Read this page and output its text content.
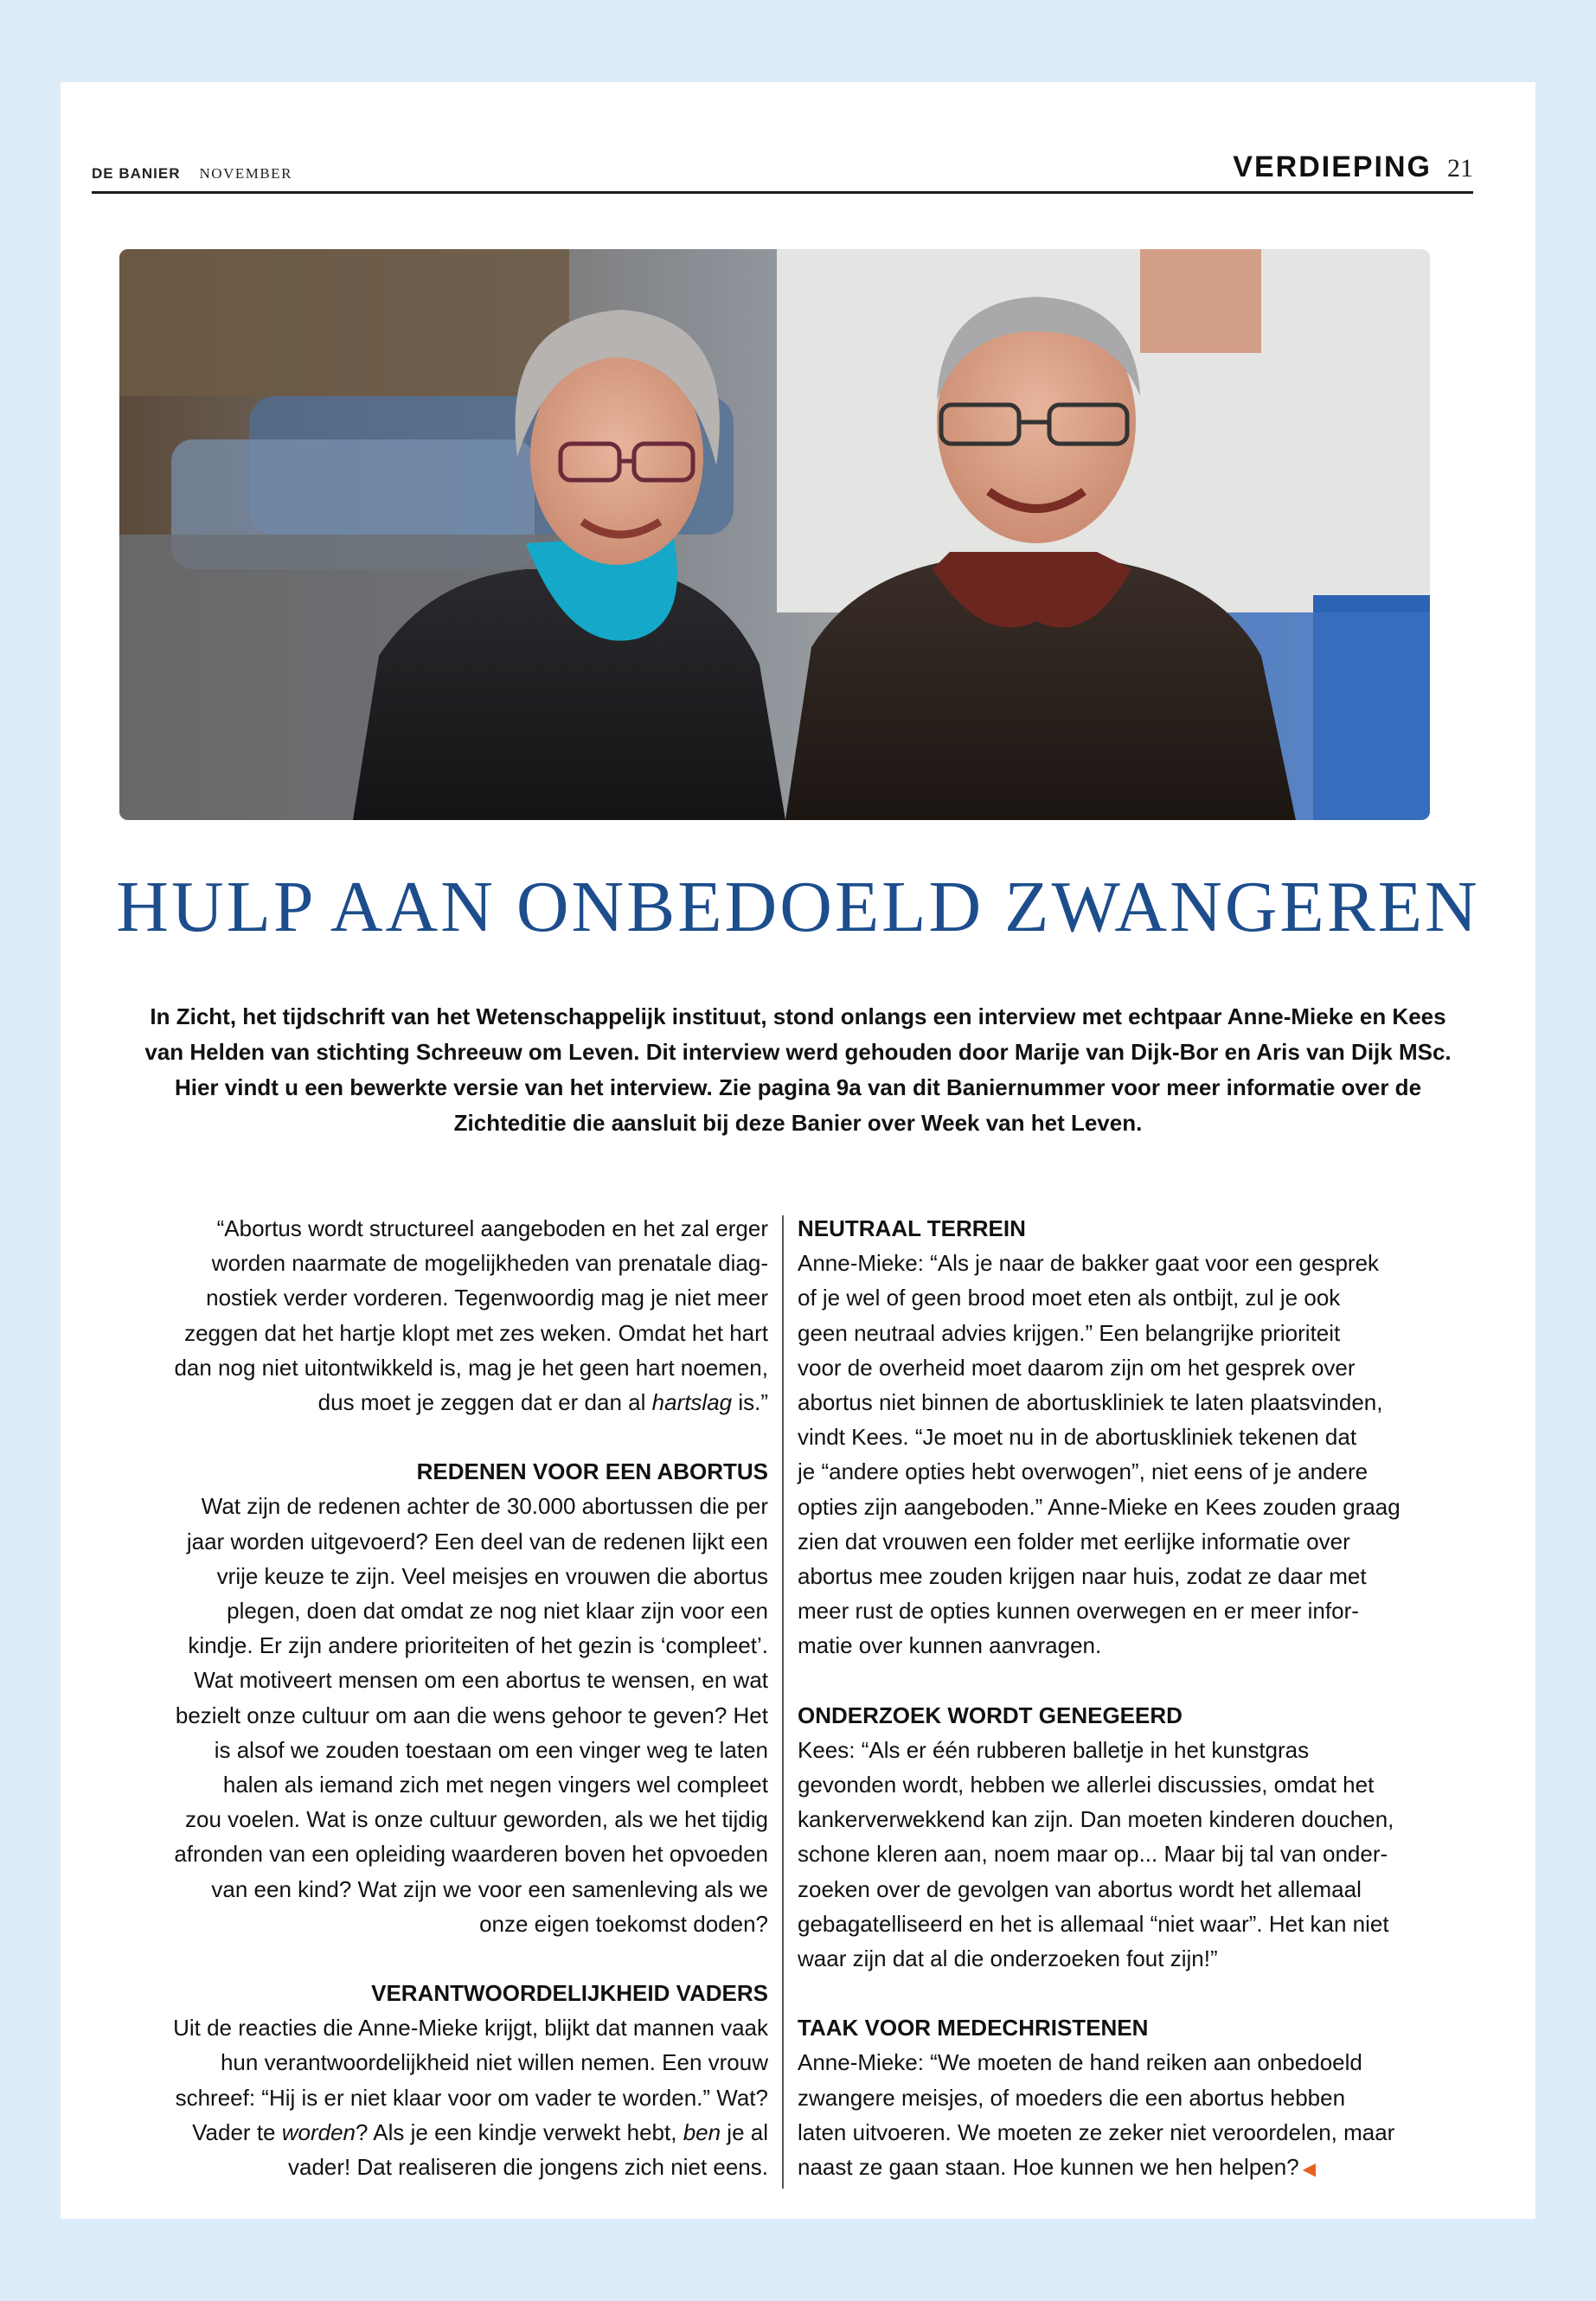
DE BANIER NOVEMBER	VERDIEPING 21
HULP AAN ONBEDOELD ZWANGEREN
In Zicht, het tijdschrift van het Wetenschappelijk instituut, stond onlangs een interview met echtpaar Anne-Mieke en Kees van Helden van stichting Schreeuw om Leven. Dit interview werd gehouden door Marije van Dijk-Bor en Aris van Dijk MSc. Hier vindt u een bewerkte versie van het interview. Zie pagina 9a van dit Baniernummer voor meer informatie over de Zichteditie die aansluit bij deze Banier over Week van het Leven.
“Abortus wordt structureel aangeboden en het zal erger
worden naarmate de mogelijkheden van prenatale diag-
nostiek verder vorderen. Tegenwoordig mag je niet meer
zeggen dat het hartje klopt met zes weken. Omdat het hart
dan nog niet uitontwikkeld is, mag je het geen hart noemen,
dus moet je zeggen dat er dan al hartslag is.”
REDENEN VOOR EEN ABORTUS
Wat zijn de redenen achter de 30.000 abortussen die per
jaar worden uitgevoerd? Een deel van de redenen lijkt een
vrije keuze te zijn. Veel meisjes en vrouwen die abortus
plegen, doen dat omdat ze nog niet klaar zijn voor een
kindje. Er zijn andere prioriteiten of het gezin is ‘compleet’.
Wat motiveert mensen om een abortus te wensen, en wat
bezielt onze cultuur om aan die wens gehoor te geven? Het
is alsof we zouden toestaan om een vinger weg te laten
halen als iemand zich met negen vingers wel compleet
zou voelen. Wat is onze cultuur geworden, als we het tijdig
afronden van een opleiding waarderen boven het opvoeden
van een kind? Wat zijn we voor een samenleving als we
onze eigen toekomst doden?
VERANTWOORDELIJKHEID VADERS
Uit de reacties die Anne-Mieke krijgt, blijkt dat mannen vaak
hun verantwoordelijkheid niet willen nemen. Een vrouw
schreef: “Hij is er niet klaar voor om vader te worden.” Wat?
Vader te worden? Als je een kindje verwekt hebt, ben je al
vader! Dat realiseren die jongens zich niet eens.
NEUTRAAL TERREIN
Anne-Mieke: “Als je naar de bakker gaat voor een gesprek
of je wel of geen brood moet eten als ontbijt, zul je ook
geen neutraal advies krijgen.” Een belangrijke prioriteit
voor de overheid moet daarom zijn om het gesprek over
abortus niet binnen de abortuskliniek te laten plaatsvinden,
vindt Kees. “Je moet nu in de abortuskliniek tekenen dat
je “andere opties hebt overwogen”, niet eens of je andere
opties zijn aangeboden.” Anne-Mieke en Kees zouden graag
zien dat vrouwen een folder met eerlijke informatie over
abortus mee zouden krijgen naar huis, zodat ze daar met
meer rust de opties kunnen overwegen en er meer infor-
matie over kunnen aanvragen.
ONDERZOEK WORDT GENEGEERD
Kees: “Als er één rubberen balletje in het kunstgras
gevonden wordt, hebben we allerlei discussies, omdat het
kankerverwekkend kan zijn. Dan moeten kinderen douchen,
schone kleren aan, noem maar op... Maar bij tal van onder-
zoeken over de gevolgen van abortus wordt het allemaal
gebagatelliseerd en het is allemaal “niet waar”. Het kan niet
waar zijn dat al die onderzoeken fout zijn!”
TAAK VOOR MEDECHRISTENEN
Anne-Mieke: “We moeten de hand reiken aan onbedoeld
zwangere meisjes, of moeders die een abortus hebben
laten uitvoeren. We moeten ze zeker niet veroordelen, maar
naast ze gaan staan. Hoe kunnen we hen helpen? ◀
